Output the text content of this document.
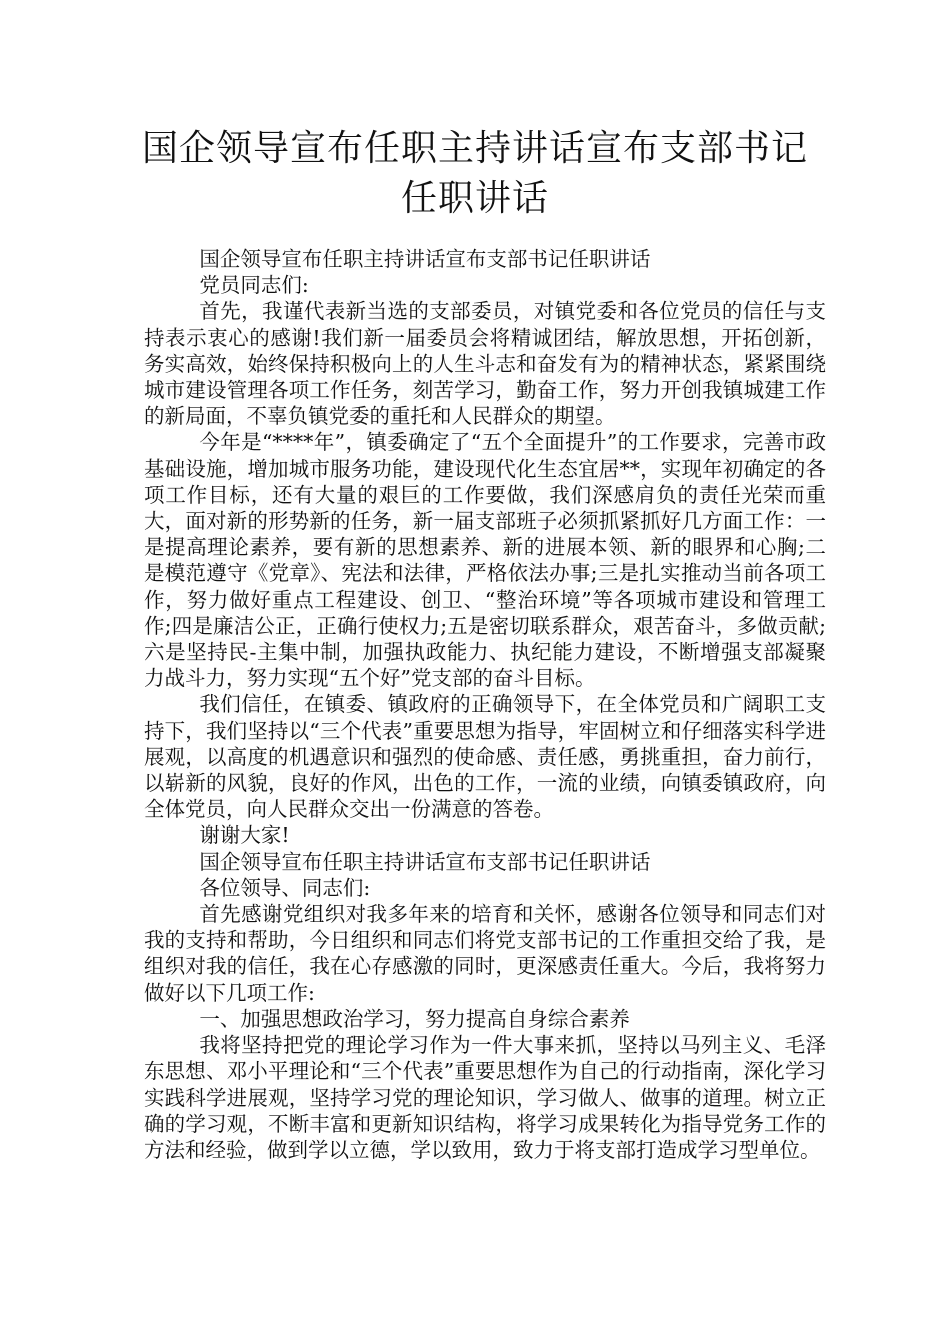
国企领导宣布任职主持讲话宣布支部书记
任职讲话

国企领导宣布任职主持讲话宣布支部书记任职讲话

党员同志们:

首先，我谨代表新当选的支部委员，对镇党委和各位党员的信任与支持表示衷心的感谢!我们新一届委员会将精诚团结，解放思想，开拓创新，务实高效，始终保持积极向上的人生斗志和奋发有为的精神状态，紧紧围绕城市建设管理各项工作任务，刻苦学习，勤奋工作，努力开创我镇城建工作的新局面，不辜负镇党委的重托和人民群众的期望。

今年是“****年”，镇委确定了“五个全面提升”的工作要求，完善市政基础设施，增加城市服务功能，建设现代化生态宜居**，实现年初确定的各项工作目标，还有大量的艰巨的工作要做，我们深感肩负的责任光荣而重大，面对新的形势新的任务，新一届支部班子必须抓紧抓好几方面工作：一是提高理论素养，要有新的思想素养、新的进展本领、新的眼界和心胸;二是模范遵守《党章》、宪法和法律，严格依法办事;三是扎实推动当前各项工作，努力做好重点工程建设、创卫、“整治环境”等各项城市建设和管理工作;四是廉洁公正，正确行使权力;五是密切联系群众，艰苦奋斗，多做贡献;六是坚持民-主集中制，加强执政能力、执纪能力建设，不断增强支部凝聚力战斗力，努力实现“五个好”党支部的奋斗目标。

我们信任，在镇委、镇政府的正确领导下，在全体党员和广阔职工支持下，我们坚持以“三个代表”重要思想为指导，牢固树立和仔细落实科学进展观，以高度的机遇意识和强烈的使命感、责任感，勇挑重担，奋力前行，以崭新的风貌，良好的作风，出色的工作，一流的业绩，向镇委镇政府，向全体党员，向人民群众交出一份满意的答卷。

谢谢大家!

国企领导宣布任职主持讲话宣布支部书记任职讲话

各位领导、同志们:

首先感谢党组织对我多年来的培育和关怀，感谢各位领导和同志们对我的支持和帮助，今日组织和同志们将党支部书记的工作重担交给了我，是组织对我的信任，我在心存感激的同时，更深感责任重大。今后，我将努力做好以下几项工作:

一、加强思想政治学习，努力提高自身综合素养

我将坚持把党的理论学习作为一件大事来抓，坚持以马列主义、毛泽东思想、邓小平理论和“三个代表”重要思想作为自己的行动指南，深化学习实践科学进展观，坚持学习党的理论知识，学习做人、做事的道理。树立正确的学习观，不断丰富和更新知识结构，将学习成果转化为指导党务工作的方法和经验，做到学以立德，学以致用，致力于将支部打造成学习型单位。
